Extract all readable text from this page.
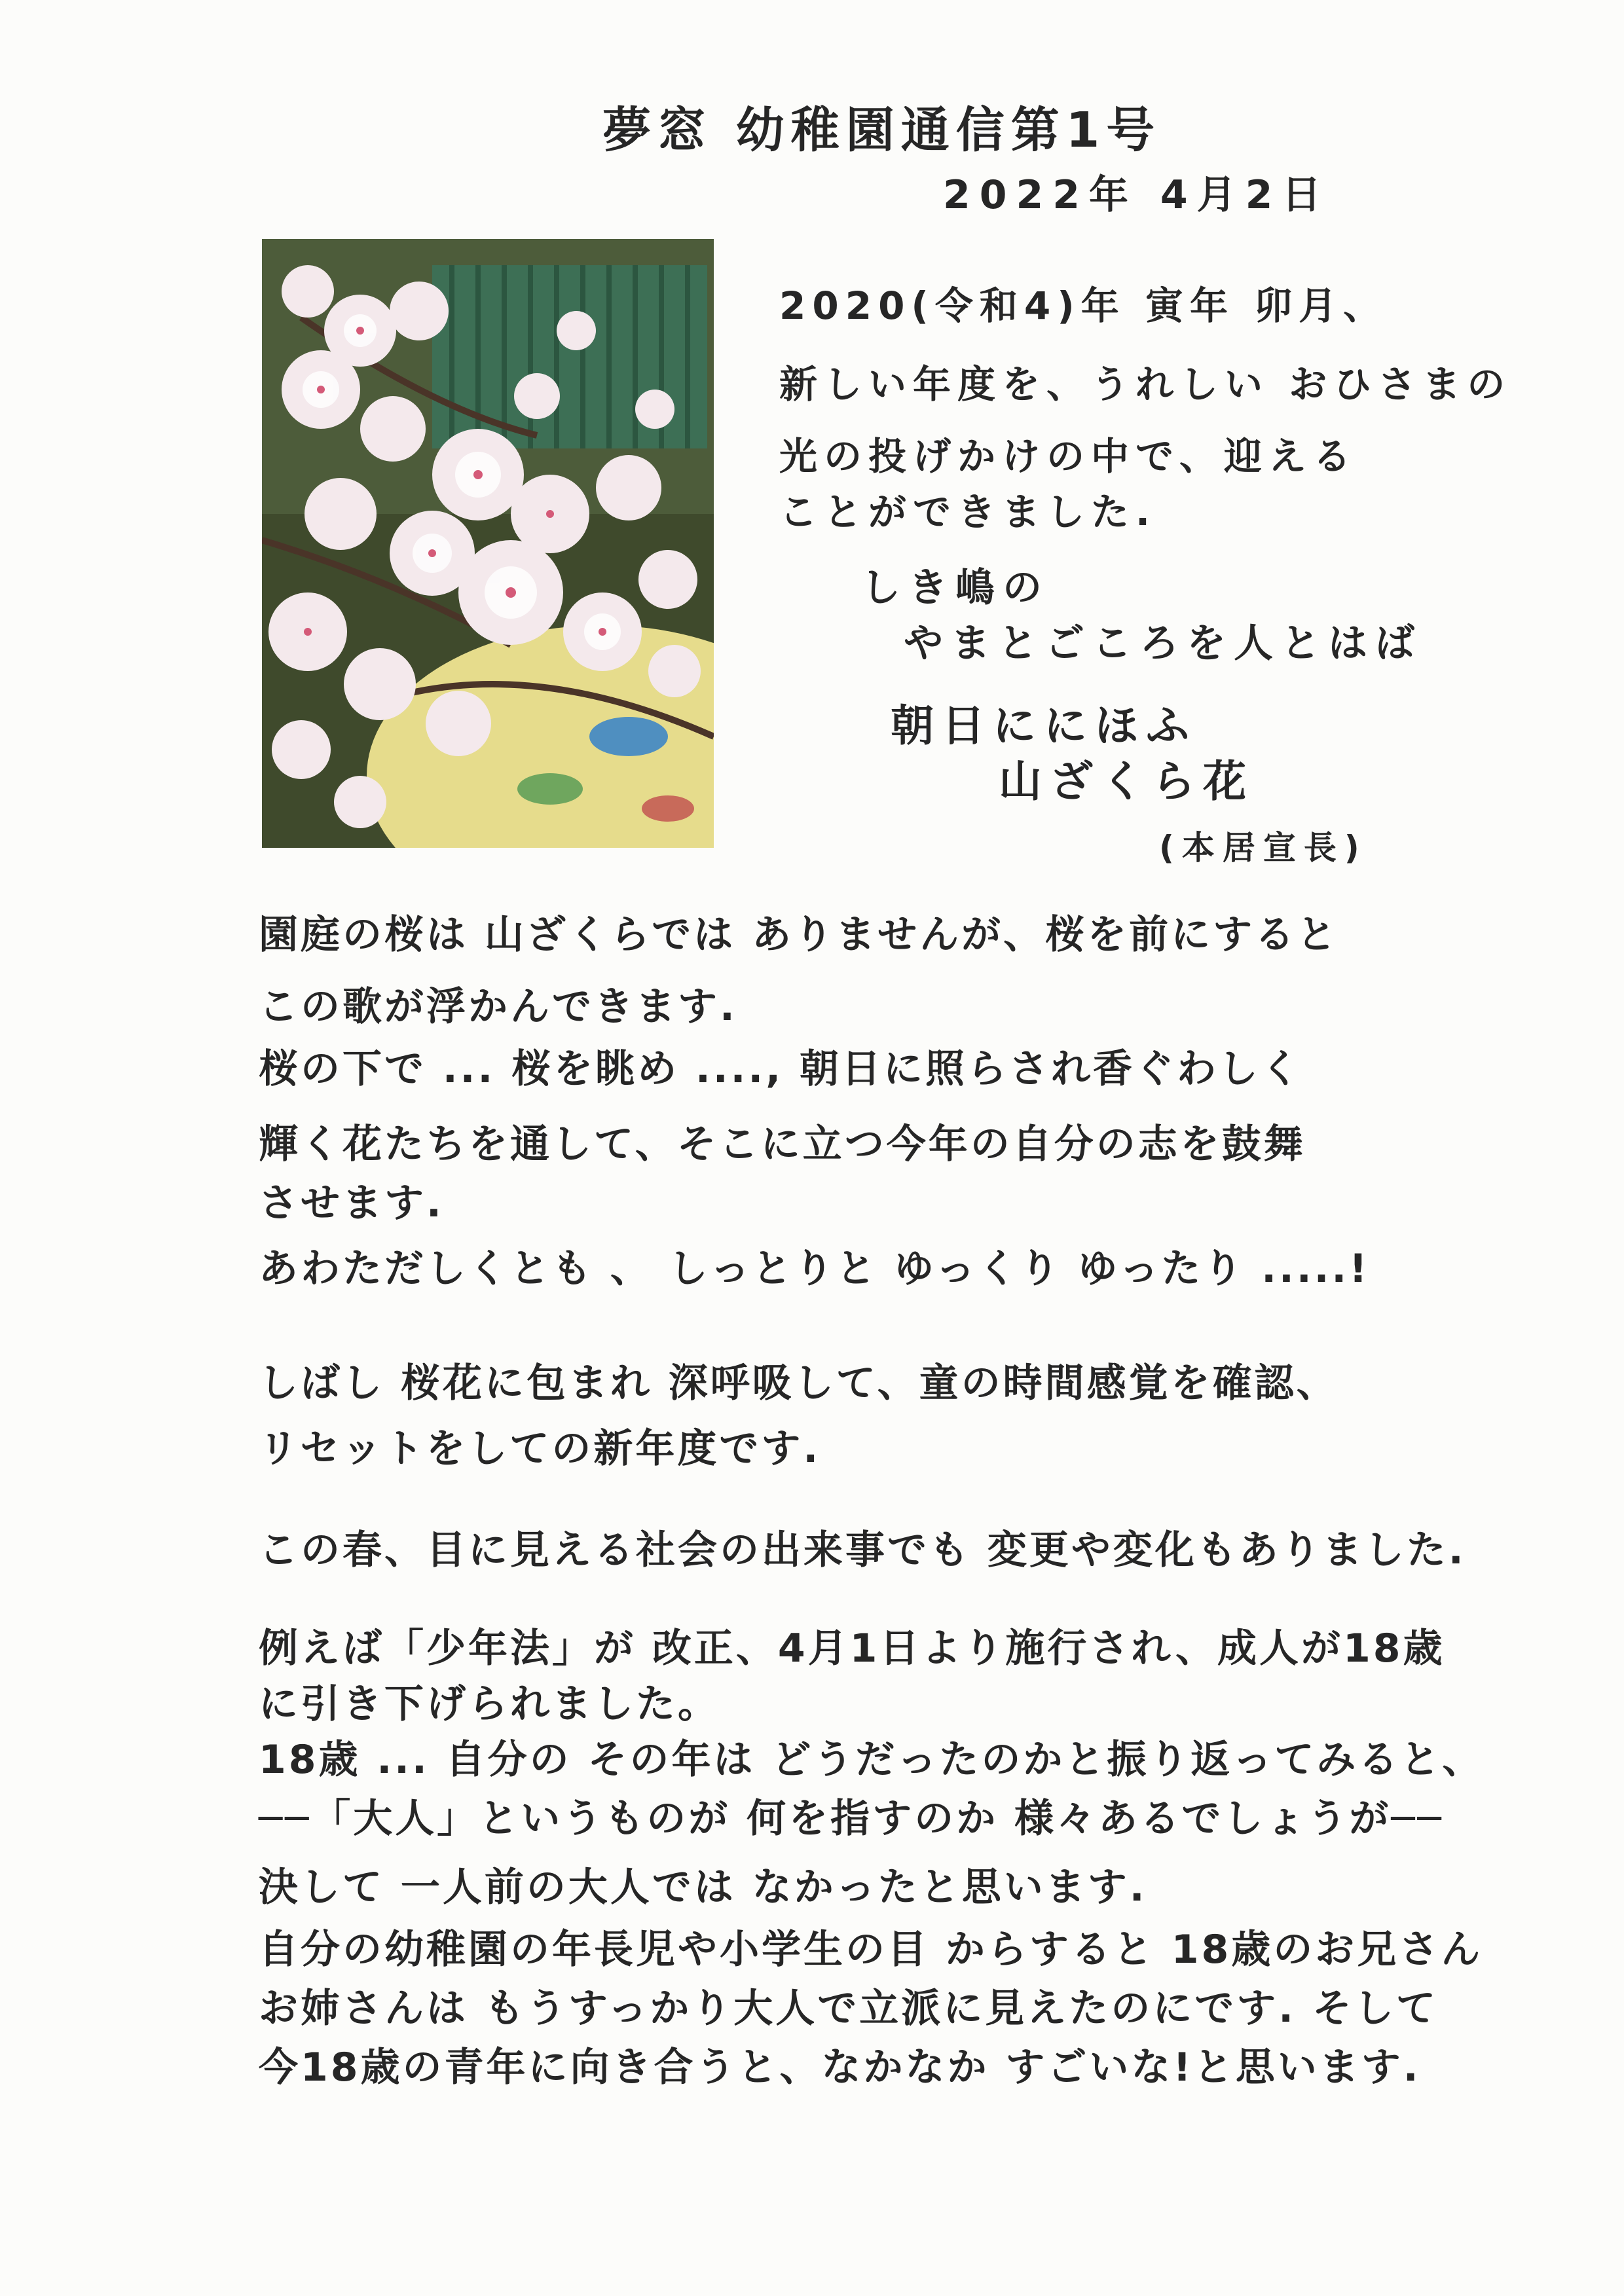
夢窓 幼稚園通信第1号
2022年 4月2日
2020(令和4)年 寅年 卯月、
新しい年度を、うれしい おひさまの
光の投げかけの中で、迎える
ことができました.
しき嶋の
やまとごころを人とはば
朝日ににほふ
山ざくら花
(本居宣長)
園庭の桜は 山ざくらでは ありませんが、桜を前にすると
この歌が浮かんできます.
桜の下で ... 桜を眺め ...., 朝日に照らされ香ぐわしく
輝く花たちを通して、そこに立つ今年の自分の志を鼓舞
させます.
あわただしくとも 、 しっとりと ゆっくり ゆったり .....!
しばし 桜花に包まれ 深呼吸して、童の時間感覚を確認、
リセットをしての新年度です.
この春、目に見える社会の出来事でも 変更や変化もありました.
例えば「少年法」が 改正、4月1日より施行され、成人が18歳
に引き下げられました。
18歳 ... 自分の その年は どうだったのかと振り返ってみると、
──「大人」というものが 何を指すのか 様々あるでしょうが──
決して 一人前の大人では なかったと思います.
自分の幼稚園の年長児や小学生の目 からすると 18歳のお兄さん
お姉さんは もうすっかり大人で立派に見えたのにです. そして
今18歳の青年に向き合うと、なかなか すごいな!と思います.
